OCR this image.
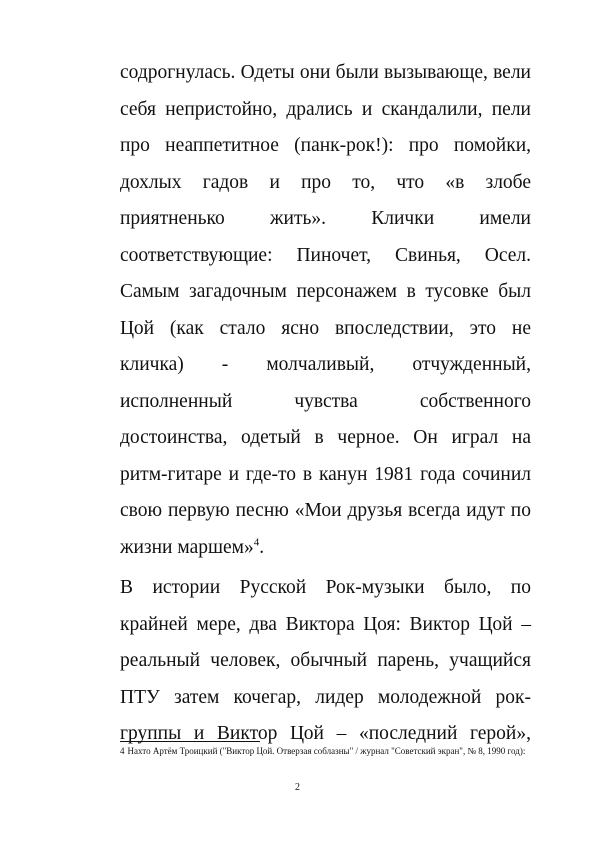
содрогнулась. Одеты они были вызывающе, вели
себя непристойно, дрались и скандалили, пели
про неаппетитное (панк-рок!): про помойки,
дохлых гадов и про то, что «в злобе
приятненько жить». Клички имели
соответствующие: Пиночет, Свинья, Осел.
Самым загадочным персонажем в тусовке был
Цой (как стало ясно впоследствии, это не
кличка) - молчаливый, отчужденный,
исполненный чувства собственного
достоинства, одетый в черное. Он играл на
ритм-гитаре и где-то в канун 1981 года сочинил
свою первую песню «Мои друзья всегда идут по
жизни маршем»$^4$.
В истории Русской Рок-музыки было, по
крайней мере, два Виктора Цоя: Виктор Цой –
реальный человек, обычный парень, учащийся
ПТУ затем кочегар, лидер молодежной рок-
группы и Виктор Цой – «последний герой»,
4 Нахто Артём Троицкий ("Виктор Цой. Отверзая соблазны" / журнал "Советский экран", № 8, 1990 год):
2
